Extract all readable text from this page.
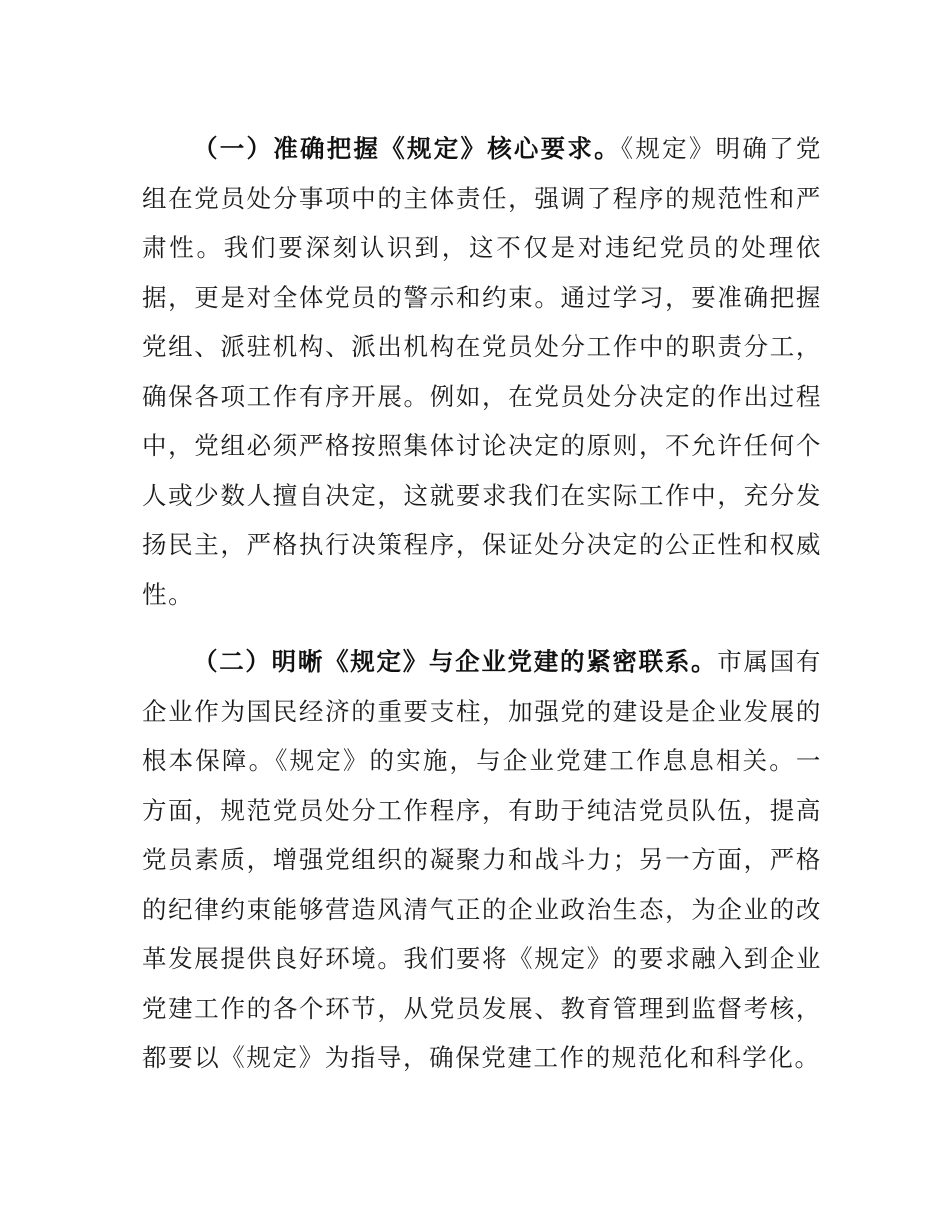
（一）准确把握《规定》核心要求。《规定》明确了党组在党员处分事项中的主体责任，强调了程序的规范性和严肃性。我们要深刻认识到，这不仅是对违纪党员的处理依据，更是对全体党员的警示和约束。通过学习，要准确把握党组、派驻机构、派出机构在党员处分工作中的职责分工，确保各项工作有序开展。例如，在党员处分决定的作出过程中，党组必须严格按照集体讨论决定的原则，不允许任何个人或少数人擅自决定，这就要求我们在实际工作中，充分发扬民主，严格执行决策程序，保证处分决定的公正性和权威性。

（二）明晰《规定》与企业党建的紧密联系。市属国有企业作为国民经济的重要支柱，加强党的建设是企业发展的根本保障。《规定》的实施，与企业党建工作息息相关。一方面，规范党员处分工作程序，有助于纯洁党员队伍，提高党员素质，增强党组织的凝聚力和战斗力；另一方面，严格的纪律约束能够营造风清气正的企业政治生态，为企业的改革发展提供良好环境。我们要将《规定》的要求融入到企业党建工作的各个环节，从党员发展、教育管理到监督考核，都要以《规定》为指导，确保党建工作的规范化和科学化。
